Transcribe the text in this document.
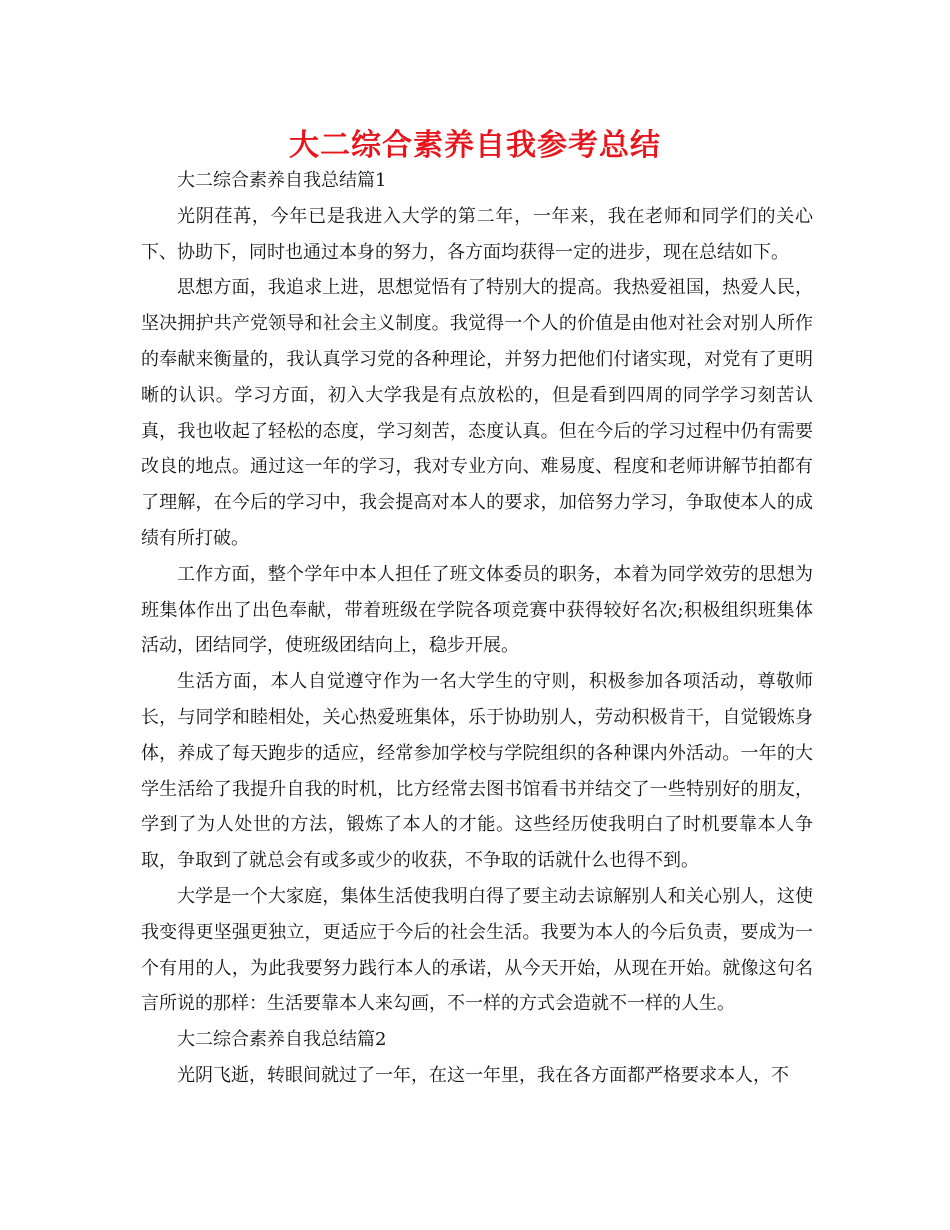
大二综合素养自我参考总结

大二综合素养自我总结篇1

光阴荏苒，今年已是我进入大学的第二年，一年来，我在老师和同学们的关心下、协助下，同时也通过本身的努力，各方面均获得一定的进步，现在总结如下。

思想方面，我追求上进，思想觉悟有了特别大的提高。我热爱祖国，热爱人民，坚决拥护共产党领导和社会主义制度。我觉得一个人的价值是由他对社会对别人所作的奉献来衡量的，我认真学习党的各种理论，并努力把他们付诸实现，对党有了更明晰的认识。学习方面，初入大学我是有点放松的，但是看到四周的同学学习刻苦认真，我也收起了轻松的态度，学习刻苦，态度认真。但在今后的学习过程中仍有需要改良的地点。通过这一年的学习，我对专业方向、难易度、程度和老师讲解节拍都有了理解，在今后的学习中，我会提高对本人的要求，加倍努力学习，争取使本人的成绩有所打破。

工作方面，整个学年中本人担任了班文体委员的职务，本着为同学效劳的思想为班集体作出了出色奉献，带着班级在学院各项竞赛中获得较好名次;积极组织班集体活动，团结同学，使班级团结向上，稳步开展。

生活方面，本人自觉遵守作为一名大学生的守则，积极参加各项活动，尊敬师长，与同学和睦相处，关心热爱班集体，乐于协助别人，劳动积极肯干，自觉锻炼身体，养成了每天跑步的适应，经常参加学校与学院组织的各种课内外活动。一年的大学生活给了我提升自我的时机，比方经常去图书馆看书并结交了一些特别好的朋友，学到了为人处世的方法，锻炼了本人的才能。这些经历使我明白了时机要靠本人争取，争取到了就总会有或多或少的收获，不争取的话就什么也得不到。

大学是一个大家庭，集体生活使我明白得了要主动去谅解别人和关心别人，这使我变得更坚强更独立，更适应于今后的社会生活。我要为本人的今后负责，要成为一个有用的人，为此我要努力践行本人的承诺，从今天开始，从现在开始。就像这句名言所说的那样：生活要靠本人来勾画，不一样的方式会造就不一样的人生。

大二综合素养自我总结篇2

光阴飞逝，转眼间就过了一年，在这一年里，我在各方面都严格要求本人，不
